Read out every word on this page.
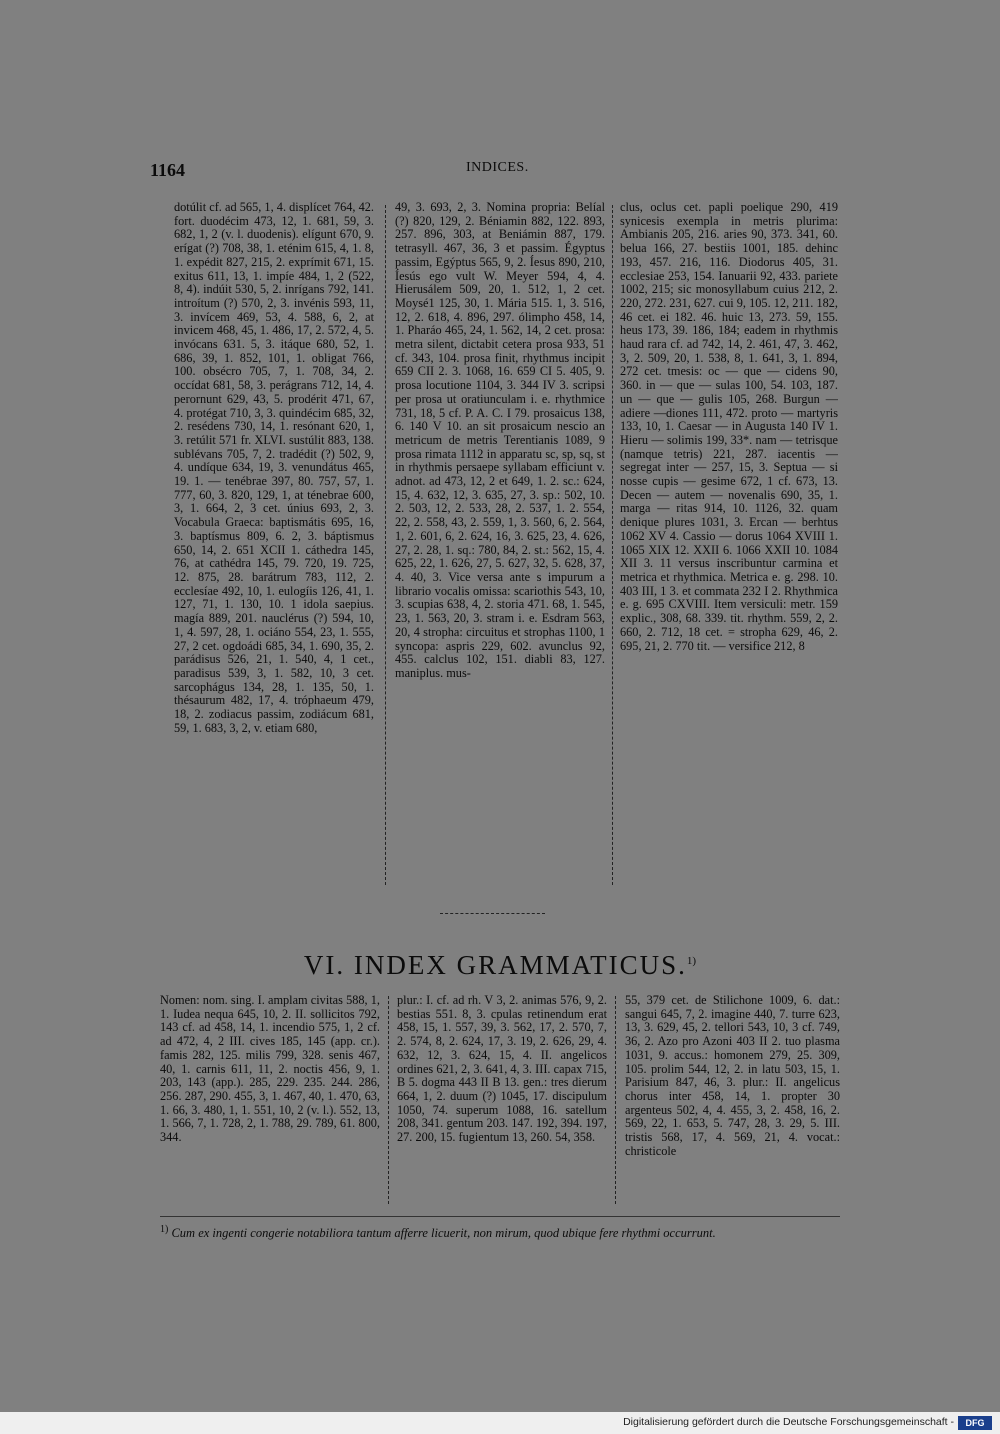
1164	INDICES.
dotúlit cf. ad 565, 1, 4. displícet 764, 42. fort. duodécim 473, 12, 1. 681, 59, 3. 682, 1, 2 (v. l. duodenis). elígunt 670, 9. erígat (?) 708, 38, 1. eténim 615, 4, 1. 8, 1. expédit 827, 215, 2. exprímit 671, 15. exitus 611, 13, 1. impíe 484, 1, 2 (522, 8, 4). indúit 530, 5, 2. inrígans 792, 141. introítum (?) 570, 2, 3. invénis 593, 11, 3. invícem 469, 53, 4. 588, 6, 2, at invicem 468, 45, 1. 486, 17, 2. 572, 4, 5. invócans 631. 5, 3. itáque 680, 52, 1. 686, 39, 1. 852, 101, 1. obligat 766, 100. obsécro 705, 7, 1. 708, 34, 2. occídat 681, 58, 3. perágrans 712, 14, 4. perornunt 629, 43, 5. prodérit 471, 67, 4. protégat 710, 3, 3. quindécim 685, 32, 2. resédens 730, 14, 1. resónant 620, 1, 3. retúlit 571 fr. XLVI. sustúlit 883, 138. sublévans 705, 7, 2. tradédit (?) 502, 9, 4. undíque 634, 19, 3. venundátus 465, 19. 1. — tenébrae 397, 80. 757, 57, 1. 777, 60, 3. 820, 129, 1, at ténebrae 600, 3, 1. 664, 2, 3 cet. únius 693, 2, 3. Vocabula Graeca: baptismátis 695, 16, 3. baptísmus 809, 6. 2, 3. báptismus 650, 14, 2. 651 XCII 1. cáthedra 145, 76, at cathédra 145, 79. 720, 19. 725, 12. 875, 28. barátrum 783, 112, 2. ecclesíae 492, 10, 1. eulogíis 126, 41, 1. 127, 71, 1. 130, 10. 1 idola saepius. magía 889, 201. nauclérus (?) 594, 10, 1, 4. 597, 28, 1. ociáno 554, 23, 1. 555, 27, 2 cet. ogdoádi 685, 34, 1. 690, 35, 2. parádisus 526, 21, 1. 540, 4, 1 cet., paradisus 539, 3, 1. 582, 10, 3 cet. sarcophágus 134, 28, 1. 135, 50, 1. thésaurum 482, 17, 4. tróphaeum 479, 18, 2. zodiacus passim, zodiácum 681, 59, 1. 683, 3, 2, v. etiam 680,
49, 3. 693, 2, 3. Nomina propria: Belíal (?) 820, 129, 2. Béniamin 882, 122. 893, 257. 896, 303, at Beniámin 887, 179. tetrasyll. 467, 36, 3 et passim. Égyptus passim, Egýptus 565, 9, 2. Íesus 890, 210, Íesús ego vult W. Meyer 594, 4, 4. Hierusálem 509, 20, 1. 512, 1, 2 cet. Moysé1 125, 30, 1. Mária 515. 1, 3. 516, 12, 2. 618, 4. 896, 297. ólimpho 458, 14, 1. Pharáo 465, 24, 1. 562, 14, 2 cet. prosa: metra silent, dictabit cetera prosa 933, 51 cf. 343, 104. prosa finit, rhythmus incipit 659 CII 2. 3. 1068, 16. 659 CI 5. 405, 9. prosa locutione 1104, 3. 344 IV 3. scripsi per prosa ut oratiunculam i. e. rhythmice 731, 18, 5 cf. P. A. C. I 79. prosaicus 138, 6. 140 V 10. an sit prosaicum nescio an metricum de metris Terentianis 1089, 9 prosa rimata 1112 in apparatu sc, sp, sq, st in rhythmis persaepe syllabam efficiunt v. adnot. ad 473, 12, 2 et 649, 1. 2. sc.: 624, 15, 4. 632, 12, 3. 635, 27, 3. sp.: 502, 10. 2. 503, 12, 2. 533, 28, 2. 537, 1. 2. 554, 22, 2. 558, 43, 2. 559, 1, 3. 560, 6, 2. 564, 1, 2. 601, 6, 2. 624, 16, 3. 625, 23, 4. 626, 27, 2. 28, 1. sq.: 780, 84, 2. st.: 562, 15, 4. 625, 22, 1. 626, 27, 5. 627, 32, 5. 628, 37, 4. 40, 3. Vice versa ante s impurum a librario vocalis omissa: scariothis 543, 10, 3. scupias 638, 4, 2. storia 471. 68, 1. 545, 23, 1. 563, 20, 3. stram i. e. Esdram 563, 20, 4 stropha: circuitus et strophas 1100, 1 syncopa: aspris 229, 602. avunclus 92, 455. calclus 102, 151. diabli 83, 127. maniplus. mus-
clus, oclus cet. papli poelique 290, 419 synicesis exempla in metris plurima: Ambianis 205, 216. aries 90, 373. 341, 60. belua 166, 27. bestiis 1001, 185. dehinc 193, 457. 216, 116. Diodorus 405, 31. ecclesiae 253, 154. Ianuarii 92, 433. pariete 1002, 215; sic monosyllabum cuius 212, 2. 220, 272. 231, 627. cui 9, 105. 12, 211. 182, 46 cet. ei 182. 46. huic 13, 273. 59, 155. heus 173, 39. 186, 184; eadem in rhythmis haud rara cf. ad 742, 14, 2. 461, 47, 3. 462, 3, 2. 509, 20, 1. 538, 8, 1. 641, 3, 1. 894, 272 cet. tmesis: oc — que — cidens 90, 360. in — que — sulas 100, 54. 103, 187. un — que — gulis 105, 268. Burgun — adiere —diones 111, 472. proto — martyris 133, 10, 1. Caesar — in Augusta 140 IV 1. Hieru — solimis 199, 33*. nam — tetrisque (namque tetris) 221, 287. iacentis — segregat inter — 257, 15, 3. Septua — si nosse cupis — gesime 672, 1 cf. 673, 13. Decen — autem — novenalis 690, 35, 1. marga — ritas 914, 10. 1126, 32. quam denique plures 1031, 3. Ercan — berhtus 1062 XV 4. Cassio — dorus 1064 XVIII 1. 1065 XIX 12. XXII 6. 1066 XXII 10. 1084 XII 3. 11 versus inscribuntur carmina et metrica et rhythmica. Metrica e. g. 298. 10. 403 III, 1 3. et commata 232 I 2. Rhythmica e. g. 695 CXVIII. Item versiculi: metr. 159 explic., 308, 68. 339. tit. rhythm. 559, 2, 2. 660, 2. 712, 18 cet. = stropha 629, 46, 2. 695, 21, 2. 770 tit. — versifice 212, 8
VI. INDEX GRAMMATICUS.$^{1)}$
Nomen: nom. sing. I. amplam civitas 588, 1, 1. Iudea nequa 645, 10, 2. II. sollicitos 792, 143 cf. ad 458, 14, 1. incendio 575, 1, 2 cf. ad 472, 4, 2 III. cives 185, 145 (app. cr.). famis 282, 125. milis 799, 328. senis 467, 40, 1. carnis 611, 11, 2. noctis 456, 9, 1. 203, 143 (app.). 285, 229. 235. 244. 286, 256. 287, 290. 455, 3, 1. 467, 40, 1. 470, 63, 1. 66, 3. 480, 1, 1. 551, 10, 2 (v. l.). 552, 13, 1. 566, 7, 1. 728, 2, 1. 788, 29. 789, 61. 800, 344.
plur.: I. cf. ad rh. V 3, 2. animas 576, 9, 2. bestias 551. 8, 3. cpulas retinendum erat 458, 15, 1. 557, 39, 3. 562, 17, 2. 570, 7, 2. 574, 8, 2. 624, 17, 3. 19, 2. 626, 29, 4. 632, 12, 3. 624, 15, 4. II. angelicos ordines 621, 2, 3. 641, 4, 3. III. capax 715, B 5. dogma 443 II B 13. gen.: tres dierum 664, 1, 2. duum (?) 1045, 17. discipulum 1050, 74. superum 1088, 16. satellum 208, 341. gentum 203. 147. 192, 394. 197, 27. 200, 15. fugientum 13, 260. 54, 358.
55, 379 cet. de Stilichone 1009, 6. dat.: sangui 645, 7, 2. imagine 440, 7. turre 623, 13, 3. 629, 45, 2. tellori 543, 10, 3 cf. 749, 36, 2. Azo pro Azoni 403 II 2. tuo plasma 1031, 9. accus.: homonem 279, 25. 309, 105. prolim 544, 12, 2. in latu 503, 15, 1. Parisium 847, 46, 3. plur.: II. angelicus chorus inter 458, 14, 1. propter 30 argenteus 502, 4, 4. 455, 3, 2. 458, 16, 2. 569, 22, 1. 653, 5. 747, 28, 3. 29, 5. III. tristis 568, 17, 4. 569, 21, 4. vocat.: christicole
$^{1)}$ Cum ex ingenti congerie notabiliora tantum afferre licuerit, non mirum, quod ubique fere rhythmi occurrunt.
Digitalisierung gefördert durch die Deutsche Forschungsgemeinschaft -	DFG
